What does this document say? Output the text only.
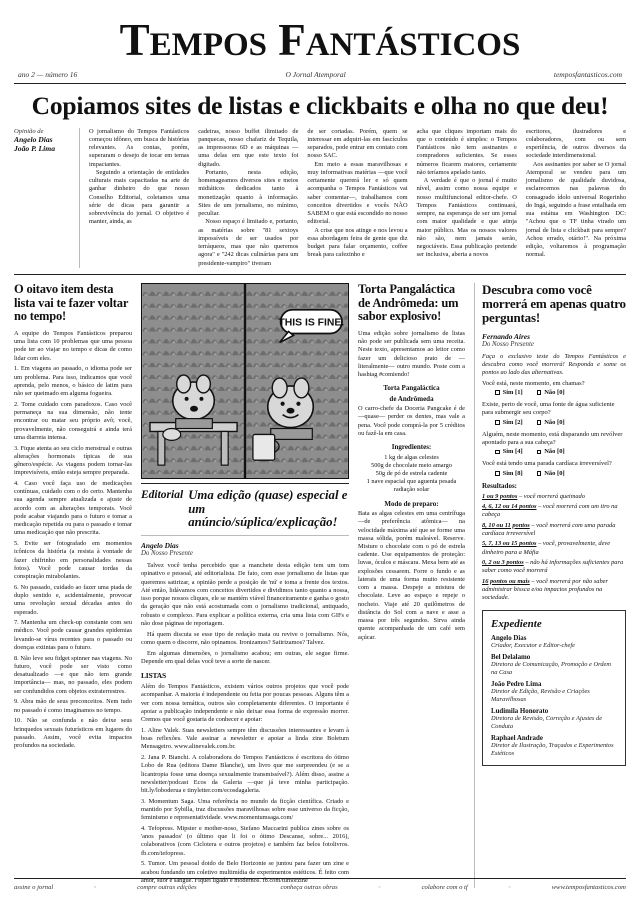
TEMPOS FANTÁSTICOS
ano 2 — número 16	O Jornal Atemporal	temposfantasticos.com
Copiamos sites de listas e clickbaits e olha no que deu!
Opinião de
Angelo Dias
João P. Lima

O jornalismo do Tempos Fantásticos começou idôneo, em busca de histórias relevantes. As contas, porém, superaram o desejo de tocar em temas impactantes.

Seguindo a orientação de entidades culturais mais capacitadas na arte de ganhar dinheiro do que nosso Conselho Editorial, coletamos uma série de dicas para garantir a sobrevivência do jornal. O objetivo é manter, ainda, as

cadeiras, nosso buffet ilimitado de panquecas, nosso chafariz de Tequila, as impressoras 6D e as máquinas —uma delas em que este texto foi digitado.

Portanto, nesta edição, homenageamos diversos sites e meios midiáticos dedicados tanto à monetização quanto à informação. Sites de um jornalismo, no mínimo, peculiar.

Nosso espaço é limitado e, portanto, as matérias sobre "81 sextoys impossíveis de ser usados por terráqueos, mas que não queremos agora" e "242 dicas culinárias para um presidente-vampiro" tiveram

de ser cortadas. Porém, quem se interessar em adquiri-las em fascículos separados, pode entrar em contato com nosso SAC.

Em meio a essas maravilhosas e muy informativas matérias —que você certamente quererá ler e só quem acompanha o Tempos Fantásticos vai saber comentar—, trabalhamos com conceitos divertidos e vocês NÃO SABEM o que está escondido no nosso editorial.

A crise que nos atinge e nos levou a essa abordagem feira de gente que diz budget para falar orçamento, coffee break para cafezinho e

acha que cliques importam mais do que o conteúdo é simples: o Tempos Fantásticos não tem assinantes e compradores suficientes. Se esses números ficarem maiores, certamente não teríamos apelado tanto.

A verdade é que o jornal é muito nível, assim como nossa equipe e nosso multifuncional editor-chefe. O Tempos Fantásticos continuará, sempre, na esperança de ser um jornal com maior qualidade e que atinja maior público. Mas os nossos valores não são, nem jamais serão, negociáveis. Essa publicação pretende ser inclusiva, aberta a novos

escritores, ilustradores e colaboradores, com ou sem experiência, de outros diversos da sociedade interdimensional.

Aos assinantes por saber se O jornal Atemporal se vendeu para um jornalismo de qualidade duvidosa, esclarecemos nas palavras do consagrado ídolo universal Rogerinho do Ingá, seguindo a frase entalhada em sua estátua em Washington DC: "Achou que o TF tinha virado um jornal de lista e clickbait para sempre? Achou errado, otário!". Na próxima edição, voltaremos à programação normal.

O oitavo item desta lista vai te fazer voltar no tempo!

A equipe do Tempos Fantásticos preparou uma lista com 10 problemas que uma pessoa pode ter ao viajar no tempo e dicas de como lidar com eles.

1. Em viagens ao passado, o idioma pode ser um problema. Para isso, indicamos que você aprenda, pelo menos, o básico de latim para não ser queimado em alguma fogueira.

2. Tome cuidado com paradoxos. Caso você permaneça na sua dimensão, não tente encontrar ou matar seu próprio avô; você, provavelmente, não conseguirá e ainda terá uma diarreia intensa.

3. Fique atenta ao seu ciclo menstrual e outras alterações hormonais típicas de sua gênero/espécie. As viagens podem tornar-las imprevisíveis, então esteja sempre preparada.

4. Caso você faça uso de medicações contínuas, cuidado com o do certo. Mantenha sua agenda sempre atualizada e ajuste de acordo com as alterações temporais. Você pode acabar viajando para o futuro e tomar a medicação repetida ou para o passado e tomar uma medicação que não prescrita.

5. Evite ser fotografado em momentos icônicos da história (a resista à vontade de fazer chifrinho em personalidades nessas fotos). Você pode causar tordas da conspiração mirabolantes.

6. No passado, cuidado ao fazer uma piada de duplo sentido e, acidentalmente, provocar uma revolução sexual décadas antes do esperado.

7. Mantenha um check-up constante com seu médico. Você pode causar grandes epidemias levando-se vírus recentes para o passado ou doenças extintas para o futuro.

8. Não leve seu fidget spinner nas viagens. No futuro, você pode ser visto como desatualizado —e que não tem grande importância— mas, no passado, eles podem ser confundidos com objetos extraterrestres.

9. Abra mão de seus preconceitos. Nem tudo no passado é como imaginamos no tempo.

10. Não se confunda e não deixe seus brinquedos sexuais futurísticos em lugares do passado. Assim, você evita impactos profundos na sociedade.

THIS IS FINE.
Editorial Uma edição (quase) especial e um anúncio/súplica/explicação!
Angelo Dias
Do Nosso Presente

Talvez você tenha percebido que a manchete desta edição tem um tom opinativo e pessoal, até editorialista. De fato, com esse jornalismo de listas que queremos satirizar, a opinião perde a posição de 'nú' e toma a frente dos textos. Até então, lidávamos com conceitos divertidos e dividimos tanto quanto a nossa, isso porque nossos cliques, ele se mantém viável financeiramente e ganha o gosto da geração que não está acostumada com o jornalismo tradicional, antiquado, robusto e complexo. Para explicar a política externa, cria uma lista com GIFs e não dose páginas de reportagem.

Há quem discuta se esse tipo de redação mata ou revive o jornalismo. Nós, como quem o discorre, não opinamos. Ironizamos? Satirizamos? Talvez.

Em algumas dimensões, o jornalismo acabou; em outras, ele segue firme. Depende em qual delas você teve a sorte de nascer.

LISTAS

Além do Tempos Fantásticos, existem vários outros projetos que você pode acompanhar. A maioria é independente ou feita por poucas pessoas. Alguns têm a ver com nossa temática, outros são completamente diferentes. O importante é apoiar a publicação independente e não deixar essa forma de expressão morrer. Cremos que você gostaria de conhecer e apoiar:

1. Aline Valek. Suas newsletters sempre têm discussões interessantes e levam à boas reflexões. Vale assinar a newsletter e apoiar a linda zine Boletum Mensageiro. www.alinevalek.com.br.

2. Jana P. Bianchi. A colaboradora do Tempos Fantásticos é escritora do ótimo Lobo de Rua (editora Dame Blanche), um livro que me surpreendeu (e se a licantropia fosse uma doença sexualmente transmissível?). Além disso, assine a newsletter/podcast Ecos da Galeria —que já teve minha participação. bit.ly/loboderua e tinyletter.com/ecosdagaleria.

3. Momentum Saga. Uma referência no mundo da ficção científica. Criado e mantido por Sybilla, traz discussões maravilhosas sobre esse universo da ficção, feminismo e representatividade. www.momentumsaga.com/

4. Tefopress. Mipster e mother-noso, Stefano Maccarini publica zines sobre os 'anos passados' (o último que li foi o ótimo Descanse, sobre... 2016), colaborativos (com Ciclotera e outros projetos) e também faz belos fotolivros. fb.com/tefopress.

5. Tumor. Um pessoal doido de Belo Horizonte se juntou para fazer um zine e acabou fundando um coletivo multimídia de experimentos estéticos. É feito com amor, suor e sangue. Fiquei ligado e modernos. fb.com/tumorzine

Torta Pangaláctica de Andrômeda: um sabor explosivo!

Uma edição sobre jornalismo de listas não pode ser publicada sem uma receita. Neste texto, apresentamos ao leitor como fazer um delicioso prato de —literalmente— outro mundo. Poste com a hashtag #comiendo!

Torta Pangaláctica
de Andrômeda

O carro-chefe da Doceria Pangcake é de —quase— perder os dentes, mas vale a pena. Você pode comprá-la por 5 créditos ou fazê-la em casa.

Ingredientes:
1 kg de algas celestes
500g de chocolate meio amargo
50g de pó de estrela cadente
1 nave espacial que aguenta pesada radiação solar
Modo de preparo:

Bata as algas celestes em uma centrífuga —de preferência atômica— na velocidade máxima até que se forme uma massa sólida, porém maleável. Reserve. Misture o chocolate com o pó de estrela cadente. Use equipamentos de proteção: luvas, óculos e máscara. Mexa bem até as explosões cessarem. Forre o fundo e as laterais de uma forma muito resistente com a massa. Despeje a mistura de chocolate. Leve ao espaço e repeje o nocheio. Viaje até 20 quilômetros de distância do Sol com a nave e asse a massa por três segundos. Sirva ainda quente acompanhada de um café sem açúcar.

Descubra como você morrerá em apenas quatro perguntas!
Fernando Aires
Do Nosso Presente

Faça o exclusivo teste do Tempos Fantásticos e descubra como você morrerá! Responda e some os pontos ao lado das alternativas.

Você está, neste momento, em chamas?
Sim [1]	Não [0]
Existe, perto de você, uma fonte de água suficiente para submergir seu corpo?
Sim [2]	Não [0]
Alguém, neste momento, está disparando um revólver apontado para a sua cabeça?
Sim [4]	Não [0]
Você está tendo uma parada cardíaca irreversível?
Sim [8]	Não [0]
Resultados:
1 ou 9 pontos – você morrerá queimado
4, 6, 12 ou 14 pontos – você morrerá com um tiro na cabeça
8, 10 ou 11 pontos – você morrerá com uma parada cardíaca irreversível
5, 7, 13 ou 15 pontos – você, provavelmente, deve dinheiro para a Máfia
0, 2 ou 3 pontos – não há informações suficientes para saber como você morrerá
16 pontos ou mais – você morrerá por não saber administrar bissca e/ou impactos profundos na sociedade.
Expediente
Angelo Dias
Criador, Executor e Editor-chefe
Bel Delalamo
Diretora de Comunicação, Promoção e Ordem na Casa
João Pedro Lima
Diretor de Edição, Revisão e Criações Maravilhosas
Ludimila Honorato
Diretora de Revisão, Correção e Ajustes de Conduta
Raphael Andrade
Diretor de Ilustração, Traçados e Experimentos Estéticos
assine o jornal	◦	compre outras edições	◦	conheça outras obras	◦	colabore com o tf	◦	www.temposfantasticos.com
